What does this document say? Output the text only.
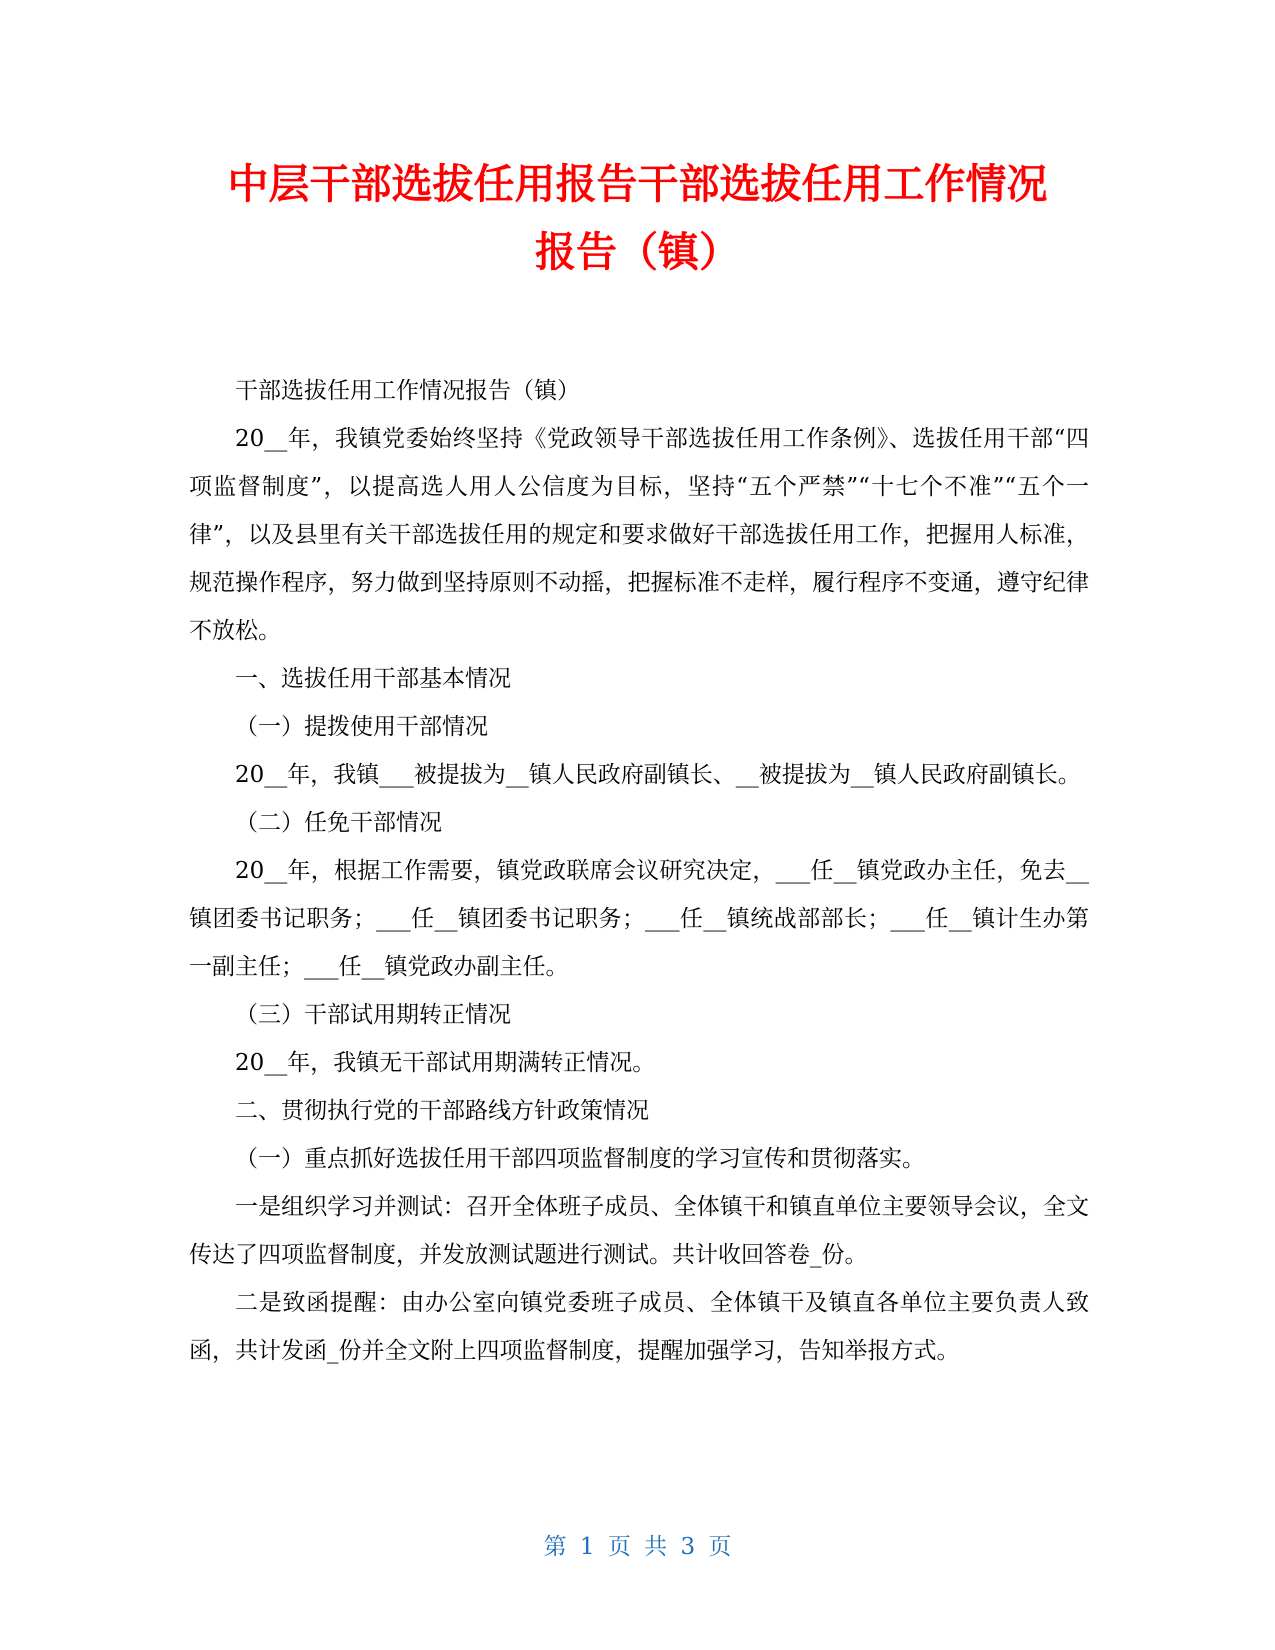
中层干部选拔任用报告干部选拔任用工作情况
报告（镇）

干部选拔任用工作情况报告（镇）

20__年，我镇党委始终坚持《党政领导干部选拔任用工作条例》、选拔任用干部“四项监督制度”，以提高选人用人公信度为目标，坚持“五个严禁”“十七个不准”“五个一律”，以及县里有关干部选拔任用的规定和要求做好干部选拔任用工作，把握用人标准，规范操作程序，努力做到坚持原则不动摇，把握标准不走样，履行程序不变通，遵守纪律不放松。

一、选拔任用干部基本情况

（一）提拨使用干部情况

20__年，我镇___被提拔为__镇人民政府副镇长、__被提拔为__镇人民政府副镇长。

（二）任免干部情况

20__年，根据工作需要，镇党政联席会议研究决定，___任__镇党政办主任，免去__镇团委书记职务；___任__镇团委书记职务；___任__镇统战部部长；___任__镇计生办第一副主任；___任__镇党政办副主任。

（三）干部试用期转正情况

20__年，我镇无干部试用期满转正情况。

二、贯彻执行党的干部路线方针政策情况

（一）重点抓好选拔任用干部四项监督制度的学习宣传和贯彻落实。

一是组织学习并测试：召开全体班子成员、全体镇干和镇直单位主要领导会议，全文传达了四项监督制度，并发放测试题进行测试。共计收回答卷_份。

二是致函提醒：由办公室向镇党委班子成员、全体镇干及镇直各单位主要负责人致函，共计发函_份并全文附上四项监督制度，提醒加强学习，告知举报方式。

第 1 页 共 3 页
